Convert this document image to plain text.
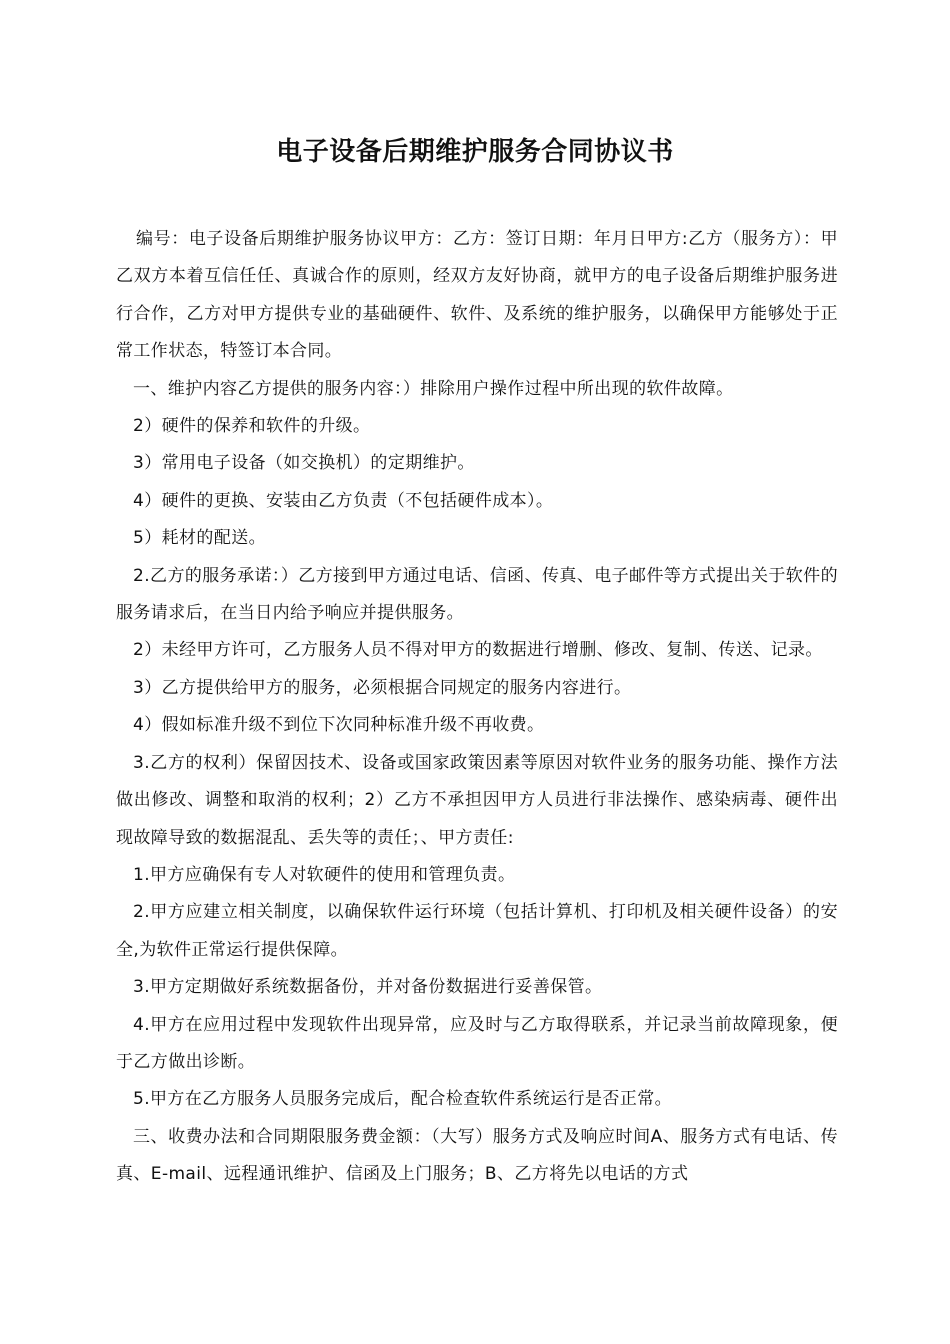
电子设备后期维护服务合同协议书

编号：电子设备后期维护服务协议甲方：乙方：签订日期：年月日甲方:乙方（服务方）：甲乙双方本着互信任任、真诚合作的原则，经双方友好协商，就甲方的电子设备后期维护服务进行合作，乙方对甲方提供专业的基础硬件、软件、及系统的维护服务，以确保甲方能够处于正常工作状态，特签订本合同。

一、维护内容乙方提供的服务内容：）排除用户操作过程中所出现的软件故障。

2）硬件的保养和软件的升级。

3）常用电子设备（如交换机）的定期维护。

4）硬件的更换、安装由乙方负责（不包括硬件成本）。

5）耗材的配送。

2.乙方的服务承诺：）乙方接到甲方通过电话、信函、传真、电子邮件等方式提出关于软件的服务请求后，在当日内给予响应并提供服务。

2）未经甲方许可，乙方服务人员不得对甲方的数据进行增删、修改、复制、传送、记录。

3）乙方提供给甲方的服务，必须根据合同规定的服务内容进行。

4）假如标准升级不到位下次同种标准升级不再收费。

3.乙方的权利）保留因技术、设备或国家政策因素等原因对软件业务的服务功能、操作方法做出修改、调整和取消的权利；2）乙方不承担因甲方人员进行非法操作、感染病毒、硬件出现故障导致的数据混乱、丢失等的责任；、甲方责任:

1.甲方应确保有专人对软硬件的使用和管理负责。

2.甲方应建立相关制度，以确保软件运行环境（包括计算机、打印机及相关硬件设备）的安全,为软件正常运行提供保障。

3.甲方定期做好系统数据备份，并对备份数据进行妥善保管。

4.甲方在应用过程中发现软件出现异常，应及时与乙方取得联系，并记录当前故障现象，便于乙方做出诊断。

5.甲方在乙方服务人员服务完成后，配合检查软件系统运行是否正常。

三、收费办法和合同期限服务费金额：（大写）服务方式及响应时间A、服务方式有电话、传真、E-mail、远程通讯维护、信函及上门服务；B、乙方将先以电话的方式
